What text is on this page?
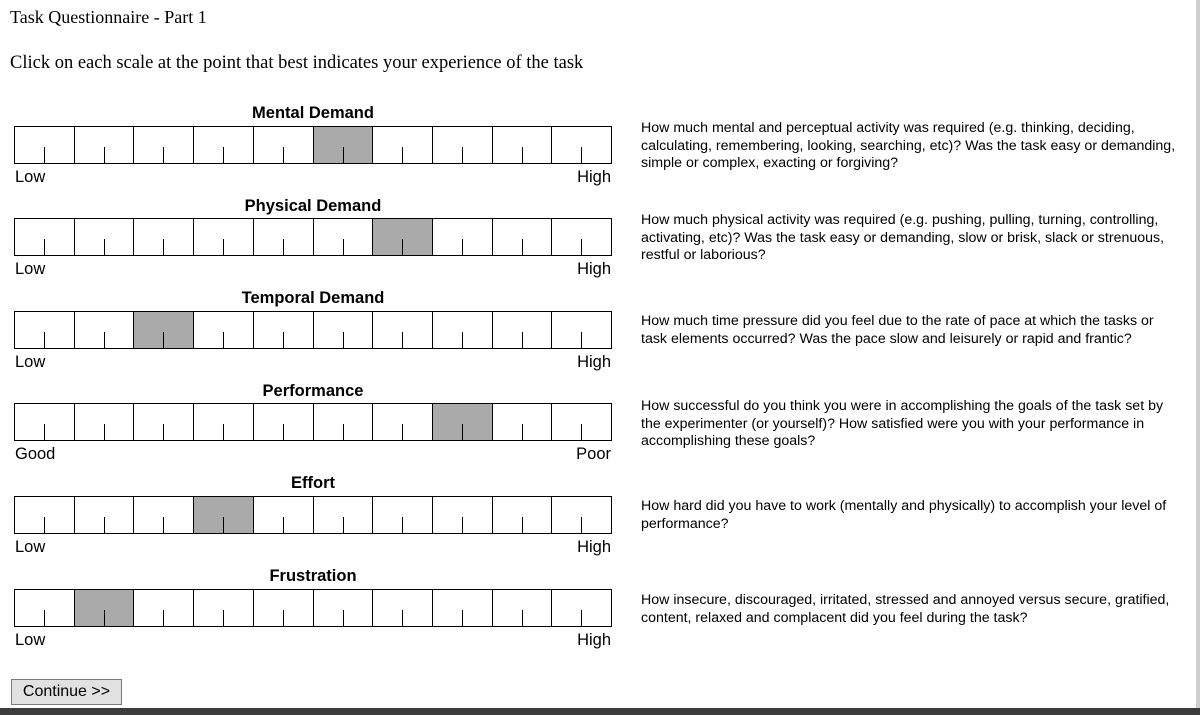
Task Questionnaire - Part 1
Click on each scale at the point that best indicates your experience of the task
Mental Demand
Low	High
How much mental and perceptual activity was required (e.g. thinking, deciding,
calculating, remembering, looking, searching, etc)? Was the task easy or demanding,
simple or complex, exacting or forgiving?
Physical Demand
Low	High
How much physical activity was required (e.g. pushing, pulling, turning, controlling,
activating, etc)? Was the task easy or demanding, slow or brisk, slack or strenuous,
restful or laborious?
Temporal Demand
Low	High
How much time pressure did you feel due to the rate of pace at which the tasks or
task elements occurred? Was the pace slow and leisurely or rapid and frantic?
Performance
Good	Poor
How successful do you think you were in accomplishing the goals of the task set by
the experimenter (or yourself)? How satisfied were you with your performance in
accomplishing these goals?
Effort
Low	High
How hard did you have to work (mentally and physically) to accomplish your level of
performance?
Frustration
Low	High
How insecure, discouraged, irritated, stressed and annoyed versus secure, gratified,
content, relaxed and complacent did you feel during the task?
Continue >>
